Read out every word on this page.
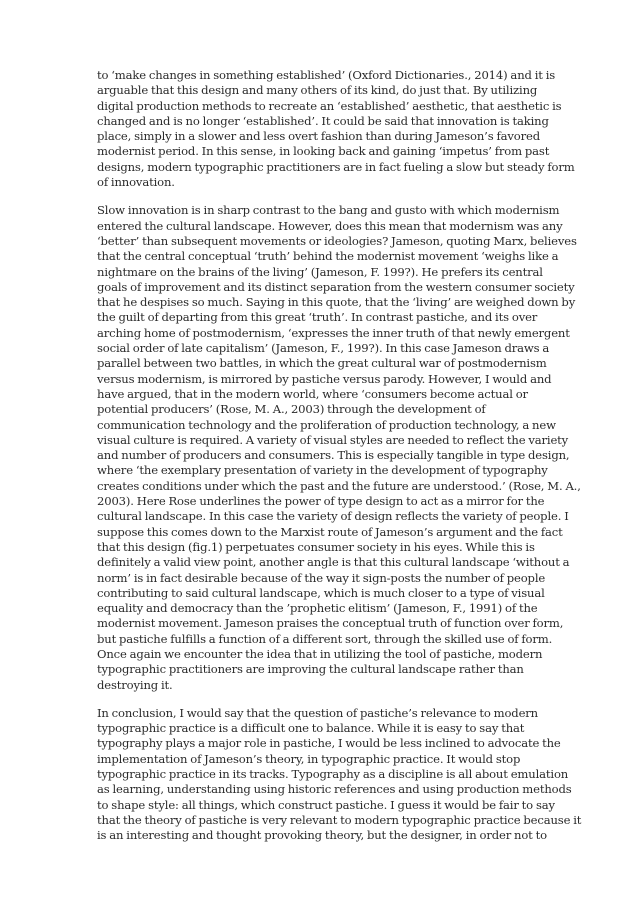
to ‘make changes in something established’ (Oxford Dictionaries., 2014) and it is
arguable that this design and many others of its kind, do just that. By utilizing
digital production methods to recreate an ‘established’ aesthetic, that aesthetic is
changed and is no longer ‘established’. It could be said that innovation is taking
place, simply in a slower and less overt fashion than during Jameson’s favored
modernist period. In this sense, in looking back and gaining ‘impetus’ from past
designs, modern typographic practitioners are in fact fueling a slow but steady form
of innovation.
Slow innovation is in sharp contrast to the bang and gusto with which modernism
entered the cultural landscape. However, does this mean that modernism was any
‘better’ than subsequent movements or ideologies? Jameson, quoting Marx, believes
that the central conceptual ‘truth’ behind the modernist movement ‘weighs like a
nightmare on the brains of the living’ (Jameson, F. 199?). He prefers its central
goals of improvement and its distinct separation from the western consumer society
that he despises so much. Saying in this quote, that the ‘living’ are weighed down by
the guilt of departing from this great ‘truth’. In contrast pastiche, and its over
arching home of postmodernism, ‘expresses the inner truth of that newly emergent
social order of late capitalism’ (Jameson, F., 199?). In this case Jameson draws a
parallel between two battles, in which the great cultural war of postmodernism
versus modernism, is mirrored by pastiche versus parody. However, I would and
have argued, that in the modern world, where ‘consumers become actual or
potential producers’ (Rose, M. A., 2003) through the development of
communication technology and the proliferation of production technology, a new
visual culture is required. A variety of visual styles are needed to reflect the variety
and number of producers and consumers. This is especially tangible in type design,
where ‘the exemplary presentation of variety in the development of typography
creates conditions under which the past and the future are understood.’ (Rose, M. A.,
2003). Here Rose underlines the power of type design to act as a mirror for the
cultural landscape. In this case the variety of design reflects the variety of people. I
suppose this comes down to the Marxist route of Jameson’s argument and the fact
that this design (fig.1) perpetuates consumer society in his eyes. While this is
definitely a valid view point, another angle is that this cultural landscape ‘without a
norm’ is in fact desirable because of the way it sign-posts the number of people
contributing to said cultural landscape, which is much closer to a type of visual
equality and democracy than the ’prophetic elitism’ (Jameson, F., 1991) of the
modernist movement. Jameson praises the conceptual truth of function over form,
but pastiche fulfills a function of a different sort, through the skilled use of form.
Once again we encounter the idea that in utilizing the tool of pastiche, modern
typographic practitioners are improving the cultural landscape rather than
destroying it.
In conclusion, I would say that the question of pastiche’s relevance to modern
typographic practice is a difficult one to balance. While it is easy to say that
typography plays a major role in pastiche, I would be less inclined to advocate the
implementation of Jameson’s theory, in typographic practice. It would stop
typographic practice in its tracks. Typography as a discipline is all about emulation
as learning, understanding using historic references and using production methods
to shape style: all things, which construct pastiche. I guess it would be fair to say
that the theory of pastiche is very relevant to modern typographic practice because it
is an interesting and thought provoking theory, but the designer, in order not to
